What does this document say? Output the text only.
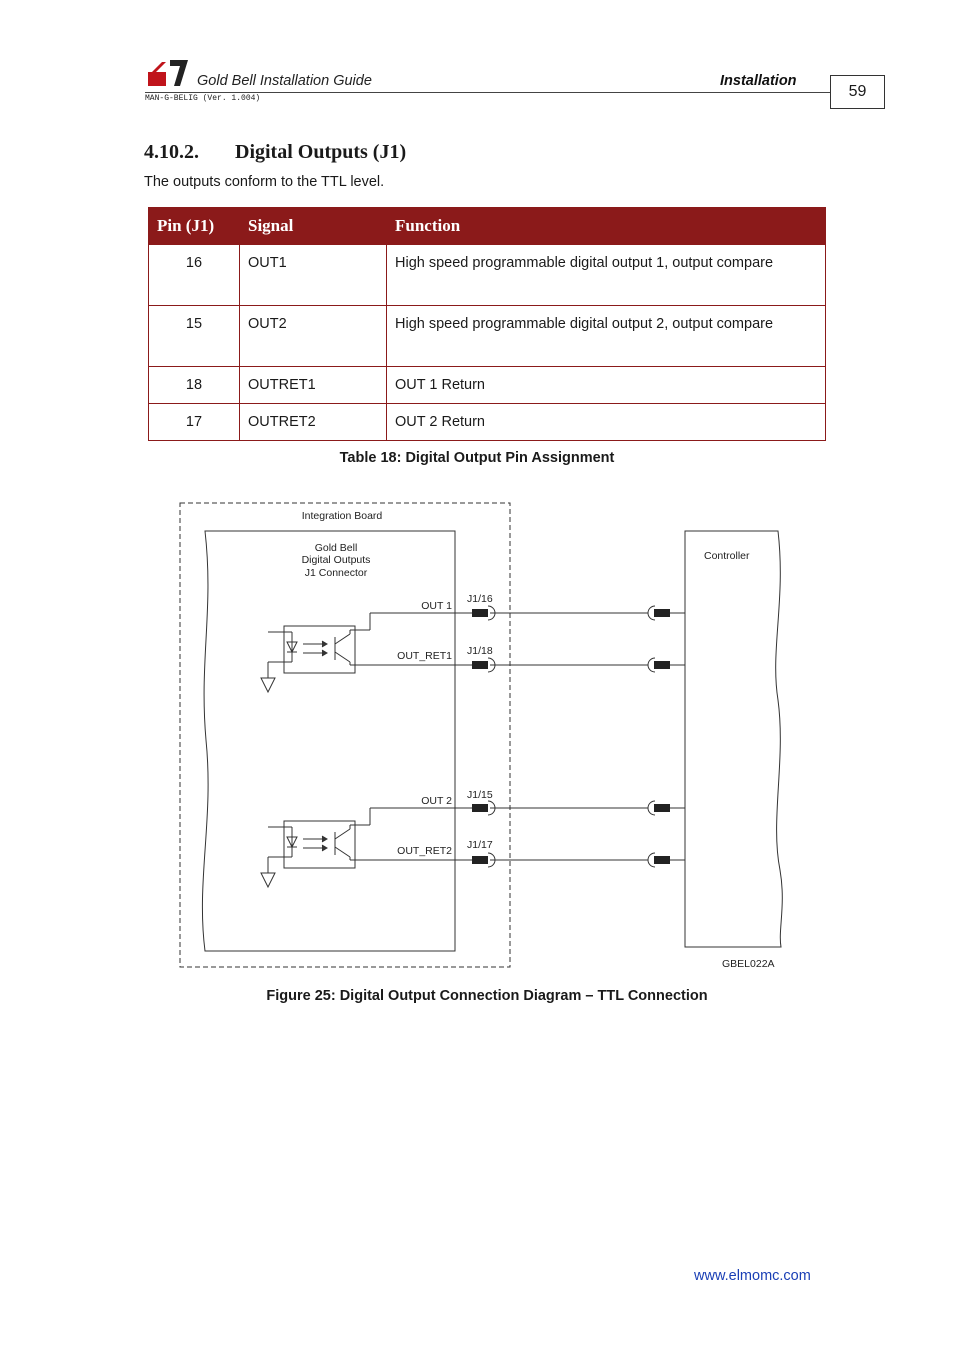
Gold Bell Installation Guide
MAN-G-BELIG (Ver. 1.004)
Installation
59
4.10.2. Digital Outputs (J1)
The outputs conform to the TTL level.
Pin (J1)	Signal	Function
16	OUT1	High speed programmable digital output 1, output compare
15	OUT2	High speed programmable digital output 2, output compare
18	OUTRET1	OUT 1 Return
17	OUTRET2	OUT 2 Return
Table 18: Digital Output Pin Assignment
Integration Board
Gold Bell
Digital Outputs
J1 Connector
Controller
OUT 1
J1/16
OUT_RET1 J1/18
OUT 2 J1/15
OUT_RET2 J1/17
GBEL022A
Figure 25: Digital Output Connection Diagram – TTL Connection
www.elmomc.com
